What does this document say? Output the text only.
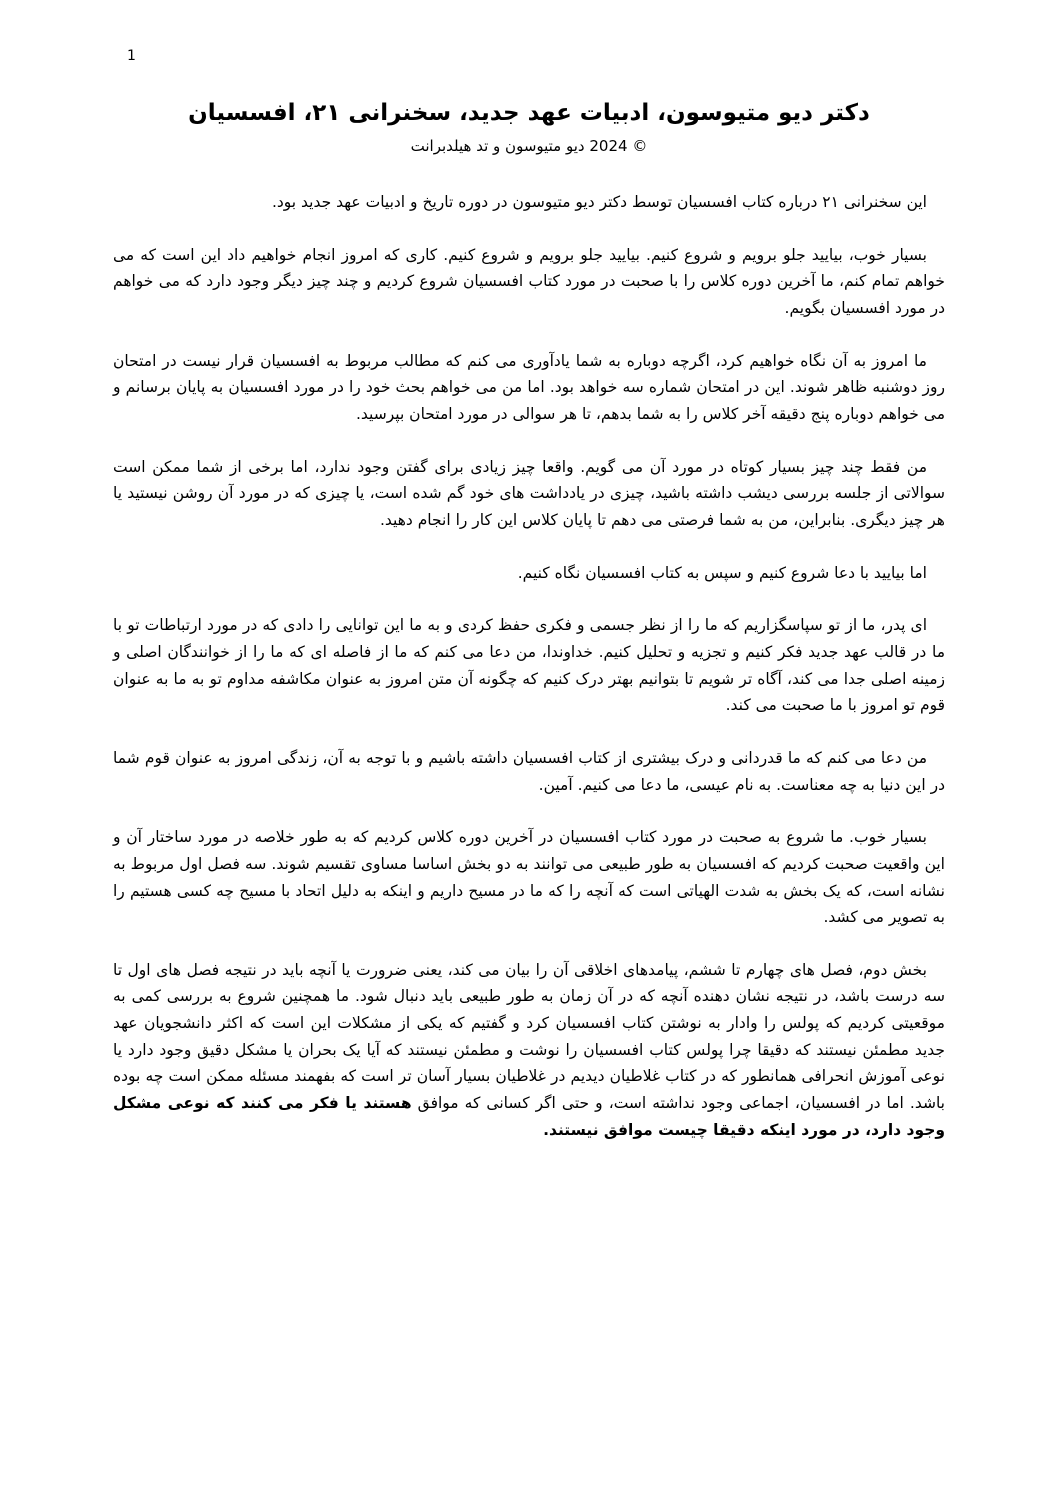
1
دکتر دیو متیوسون، ادبیات عهد جدید، سخنرانی ۲۱، افسسیان
© 2024 دیو متیوسون و تد هیلدبرانت

این سخنرانی ۲۱ درباره کتاب افسسیان توسط دکتر دیو متیوسون در دوره تاریخ و ادبیات عهد جدید بود.

بسیار خوب، بیایید جلو برویم و شروع کنیم. بیایید جلو برویم و شروع کنیم. کاری که امروز انجام خواهیم داد این است که می خواهم تمام کنم، ما آخرین دوره کلاس را با صحبت در مورد کتاب افسسیان شروع کردیم و چند چیز دیگر وجود دارد که می خواهم در مورد افسسیان بگویم.

ما امروز به آن نگاه خواهیم کرد، اگرچه دوباره به شما یادآوری می کنم که مطالب مربوط به افسسیان قرار نیست در امتحان روز دوشنبه ظاهر شوند. این در امتحان شماره سه خواهد بود. اما من می خواهم بحث خود را در مورد افسسیان به پایان برسانم و می خواهم دوباره پنج دقیقه آخر کلاس را به شما بدهم، تا هر سوالی در مورد امتحان بپرسید.

من فقط چند چیز بسیار کوتاه در مورد آن می گویم. واقعا چیز زیادی برای گفتن وجود ندارد، اما برخی از شما ممکن است سوالاتی از جلسه بررسی دیشب داشته باشید، چیزی در یادداشت های خود گم شده است، یا چیزی که در مورد آن روشن نیستید یا هر چیز دیگری. بنابراین، من به شما فرصتی می دهم تا پایان کلاس این کار را انجام دهید.

اما بیایید با دعا شروع کنیم و سپس به کتاب افسسیان نگاه کنیم.

ای پدر، ما از تو سپاسگزاریم که ما را از نظر جسمی و فکری حفظ کردی و به ما این توانایی را دادی که در مورد ارتباطات تو با ما در قالب عهد جدید فکر کنیم و تجزیه و تحلیل کنیم. خداوندا، من دعا می کنم که ما از فاصله ای که ما را از خوانندگان اصلی و زمینه اصلی جدا می کند، آگاه تر شویم تا بتوانیم بهتر درک کنیم که چگونه آن متن امروز به عنوان مکاشفه مداوم تو به ما به عنوان قوم تو امروز با ما صحبت می کند.

من دعا می کنم که ما قدردانی و درک بیشتری از کتاب افسسیان داشته باشیم و با توجه به آن، زندگی امروز به عنوان قوم شما در این دنیا به چه معناست. به نام عیسی، ما دعا می کنیم. آمین.

بسیار خوب. ما شروع به صحبت در مورد کتاب افسسیان در آخرین دوره کلاس کردیم که به طور خلاصه در مورد ساختار آن و این واقعیت صحبت کردیم که افسسیان به طور طبیعی می توانند به دو بخش اساسا مساوی تقسیم شوند. سه فصل اول مربوط به نشانه است، که یک بخش به شدت الهیاتی است که آنچه را که ما در مسیح داریم و اینکه به دلیل اتحاد با مسیح چه کسی هستیم را به تصویر می کشد.

بخش دوم، فصل های چهارم تا ششم، پیامدهای اخلاقی آن را بیان می کند، یعنی ضرورت یا آنچه باید در نتیجه فصل های اول تا سه درست باشد، در نتیجه نشان دهنده آنچه که در آن زمان به طور طبیعی باید دنبال شود. ما همچنین شروع به بررسی کمی به موقعیتی کردیم که پولس را وادار به نوشتن کتاب افسسیان کرد و گفتیم که یکی از مشکلات این است که اکثر دانشجویان عهد جدید مطمئن نیستند که دقیقا چرا پولس کتاب افسسیان را نوشت و مطمئن نیستند که آیا یک بحران یا مشکل دقیق وجود دارد یا نوعی آموزش انحرافی همانطور که در کتاب غلاطیان دیدیم در غلاطیان بسیار آسان تر است که بفهمند مسئله ممکن است چه بوده باشد. اما در افسسیان، اجماعی وجود نداشته است، و حتی اگر کسانی که موافق هستند یا فکر می کنند که نوعی مشکل وجود دارد، در مورد اینکه دقیقا چیست موافق نیستند.
